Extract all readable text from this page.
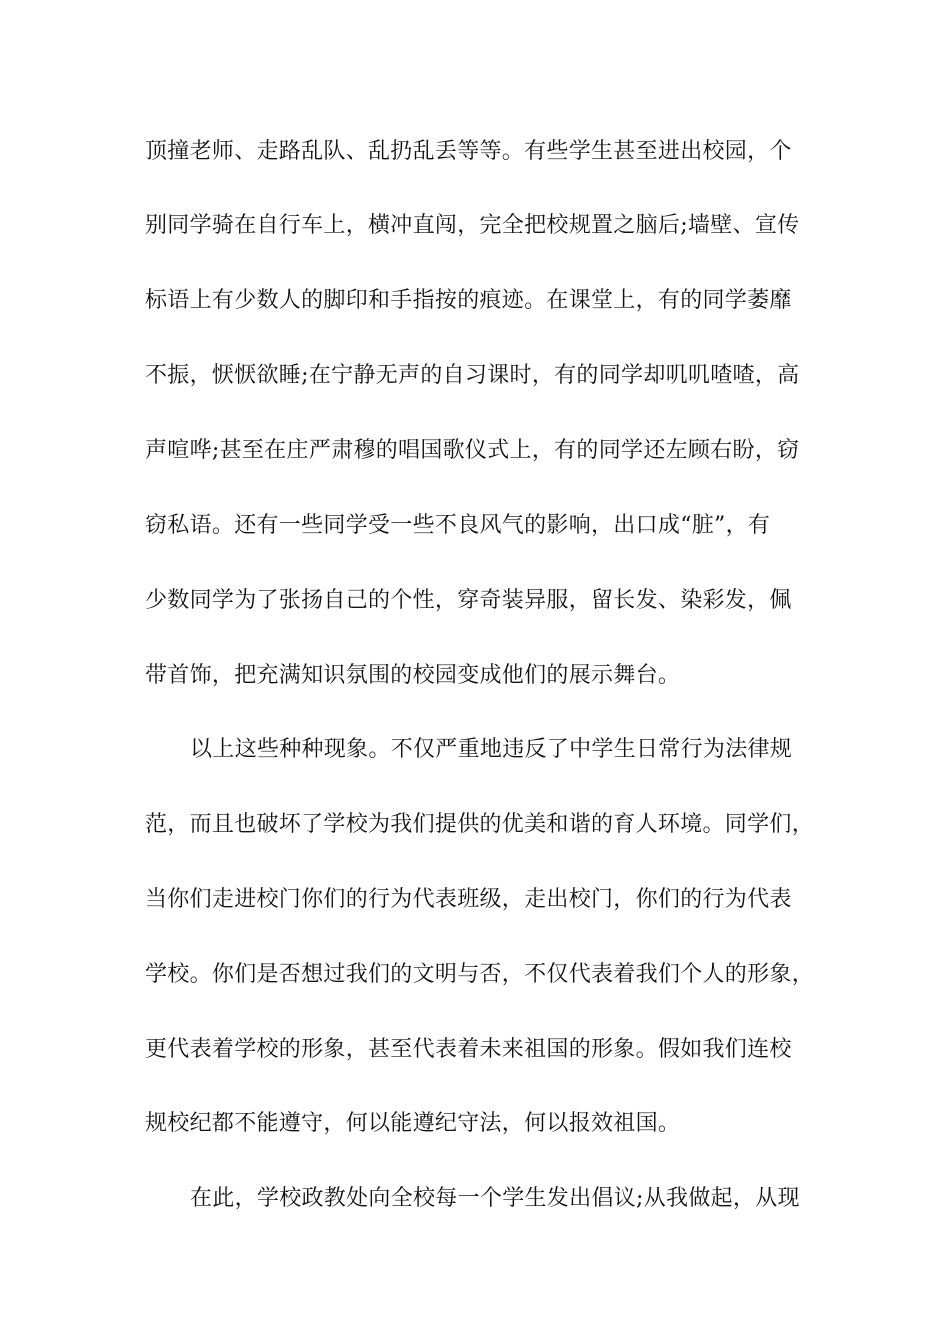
顶撞老师、走路乱队、乱扔乱丢等等。有些学生甚至进出校园，个
别同学骑在自行车上，横冲直闯，完全把校规置之脑后;墙壁、宣传
标语上有少数人的脚印和手指按的痕迹。在课堂上，有的同学萎靡
不振，恹恹欲睡;在宁静无声的自习课时，有的同学却叽叽喳喳，高
声喧哗;甚至在庄严肃穆的唱国歌仪式上，有的同学还左顾右盼，窃
窃私语。还有一些同学受一些不良风气的影响，出口成“脏”，有
少数同学为了张扬自己的个性，穿奇装异服，留长发、染彩发，佩
带首饰，把充满知识氛围的校园变成他们的展示舞台。
以上这些种种现象。不仅严重地违反了中学生日常行为法律规
范，而且也破坏了学校为我们提供的优美和谐的育人环境。同学们，
当你们走进校门你们的行为代表班级，走出校门，你们的行为代表
学校。你们是否想过我们的文明与否，不仅代表着我们个人的形象，
更代表着学校的形象，甚至代表着未来祖国的形象。假如我们连校
规校纪都不能遵守，何以能遵纪守法，何以报效祖国。
在此，学校政教处向全校每一个学生发出倡议;从我做起，从现
